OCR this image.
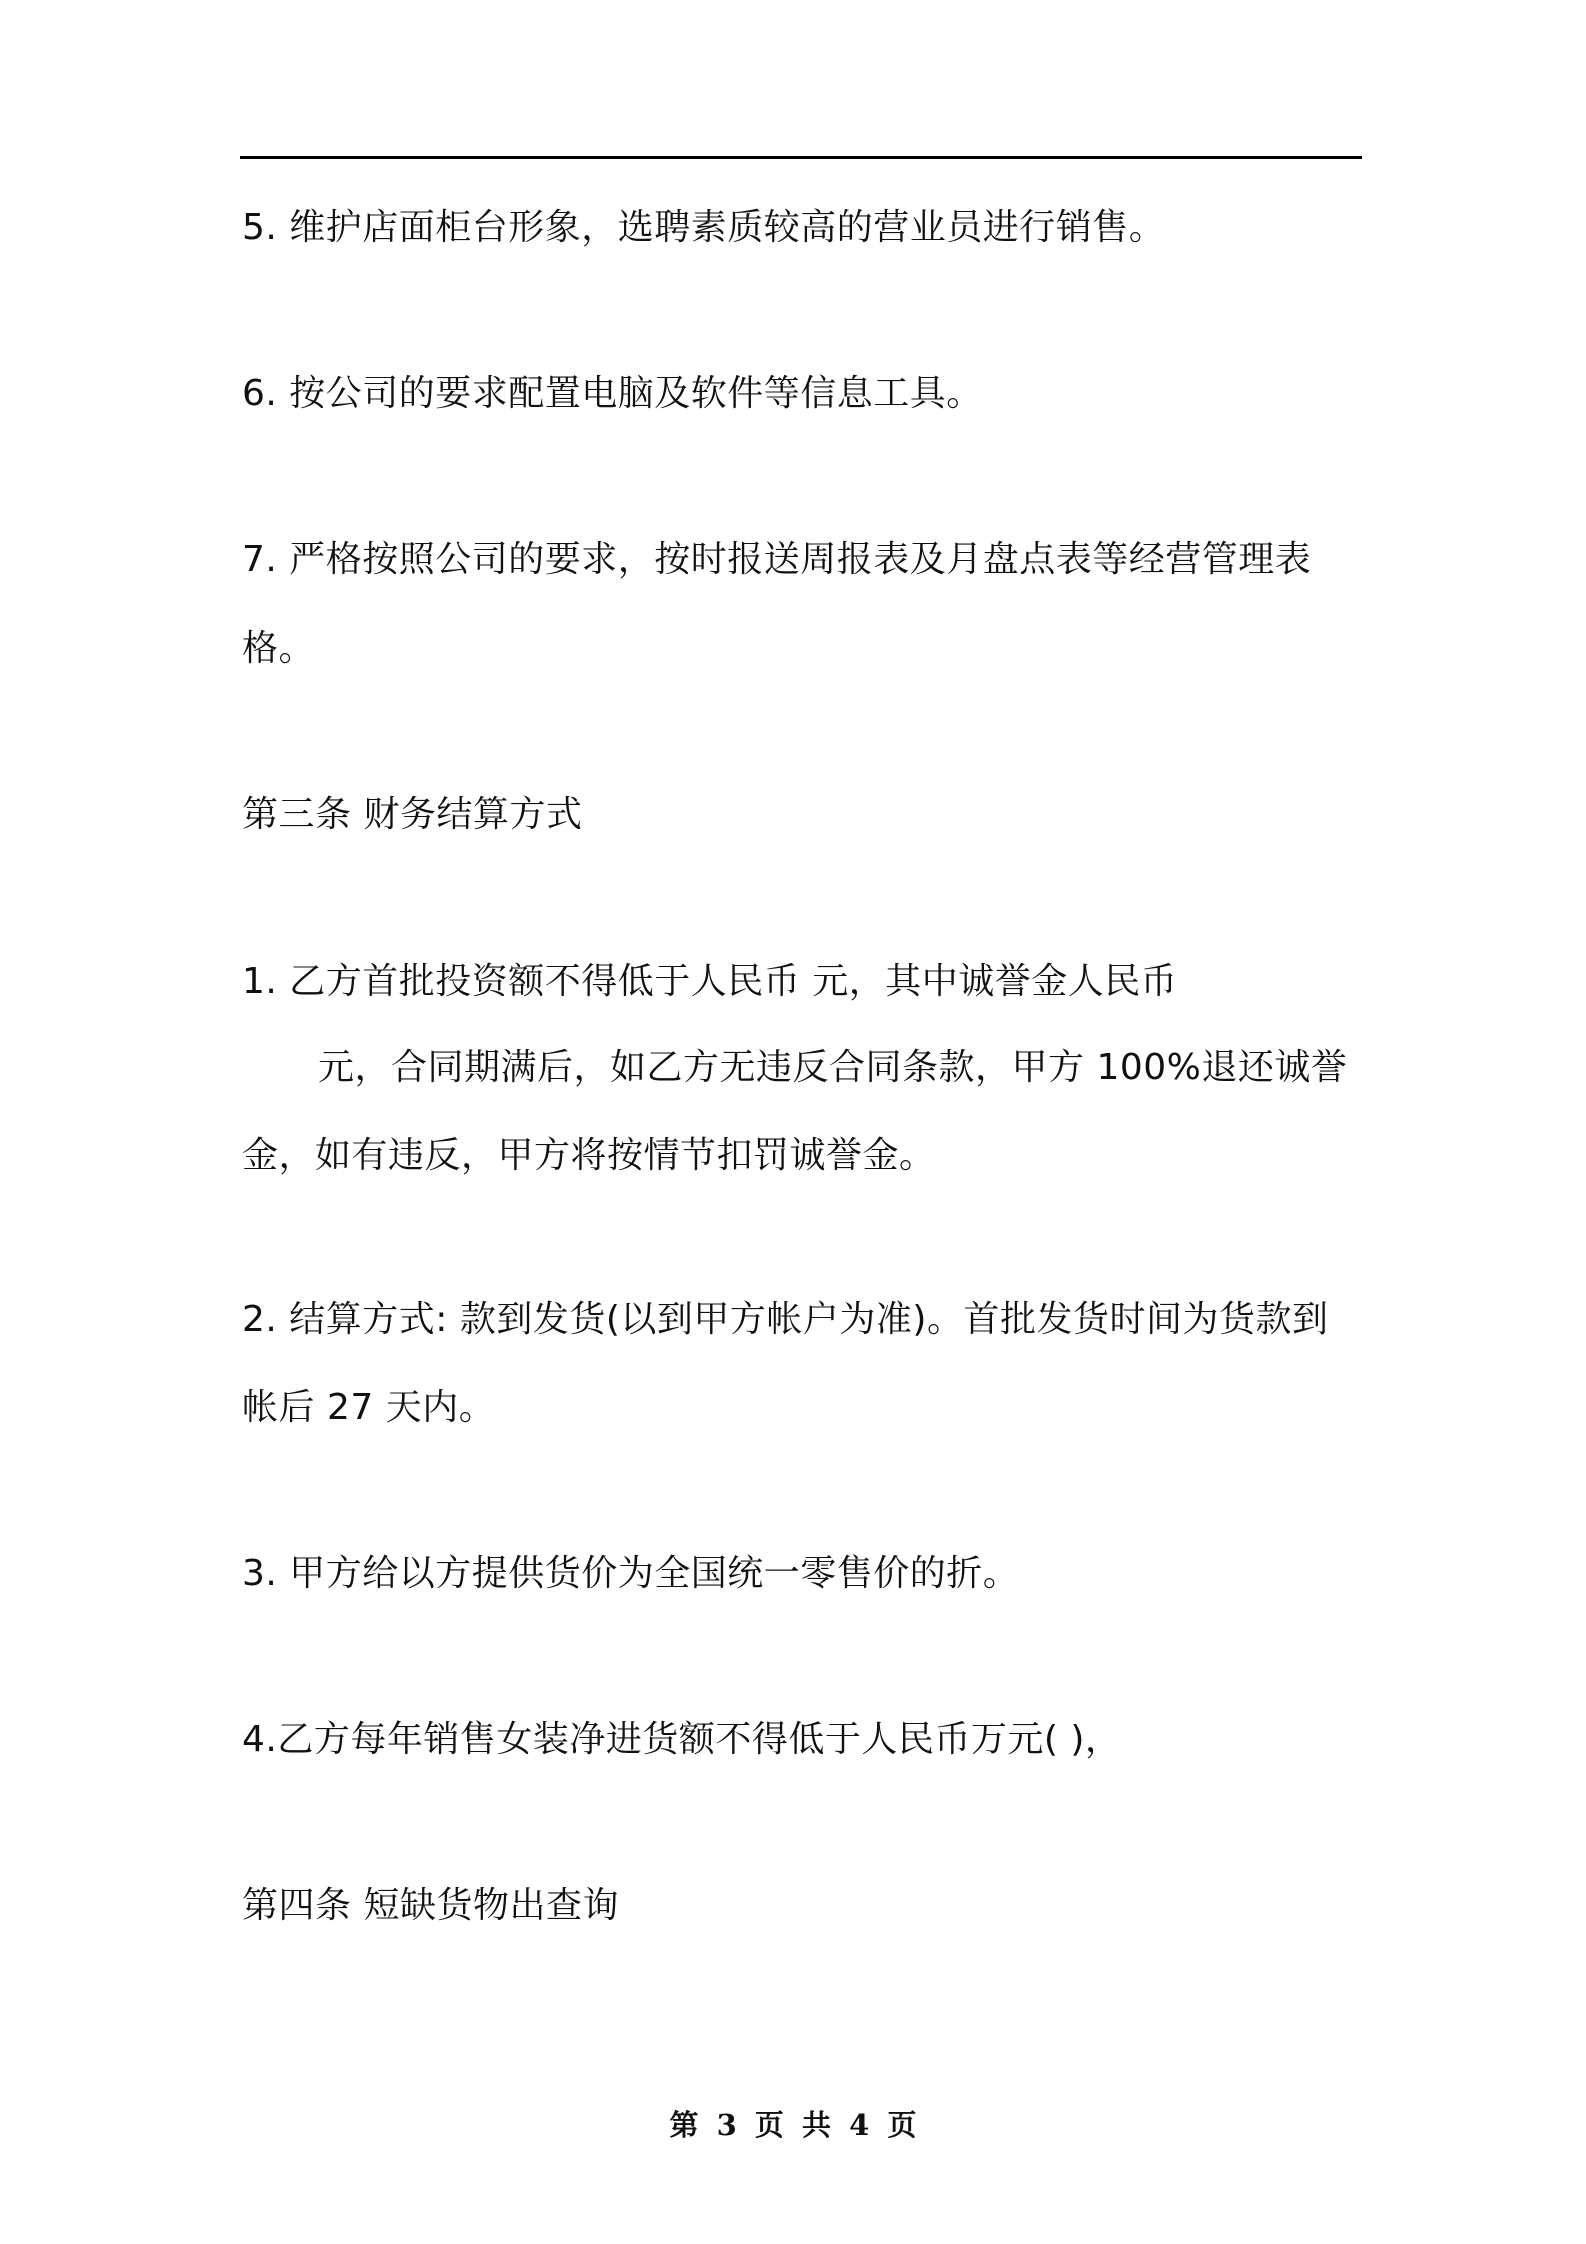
5. 维护店面柜台形象，选聘素质较高的营业员进行销售。
6. 按公司的要求配置电脑及软件等信息工具。
7. 严格按照公司的要求，按时报送周报表及月盘点表等经营管理表
格。
第三条 财务结算方式
1. 乙方首批投资额不得低于人民币 元，其中诚誉金人民币
元，合同期满后，如乙方无违反合同条款，甲方 100%退还诚誉
金，如有违反，甲方将按情节扣罚诚誉金。
2. 结算方式: 款到发货(以到甲方帐户为准)。首批发货时间为货款到
帐后 27 天内。
3. 甲方给以方提供货价为全国统一零售价的折。
4.乙方每年销售女装净进货额不得低于人民币万元( )，
第四条 短缺货物出查询
第 3 页 共 4 页
